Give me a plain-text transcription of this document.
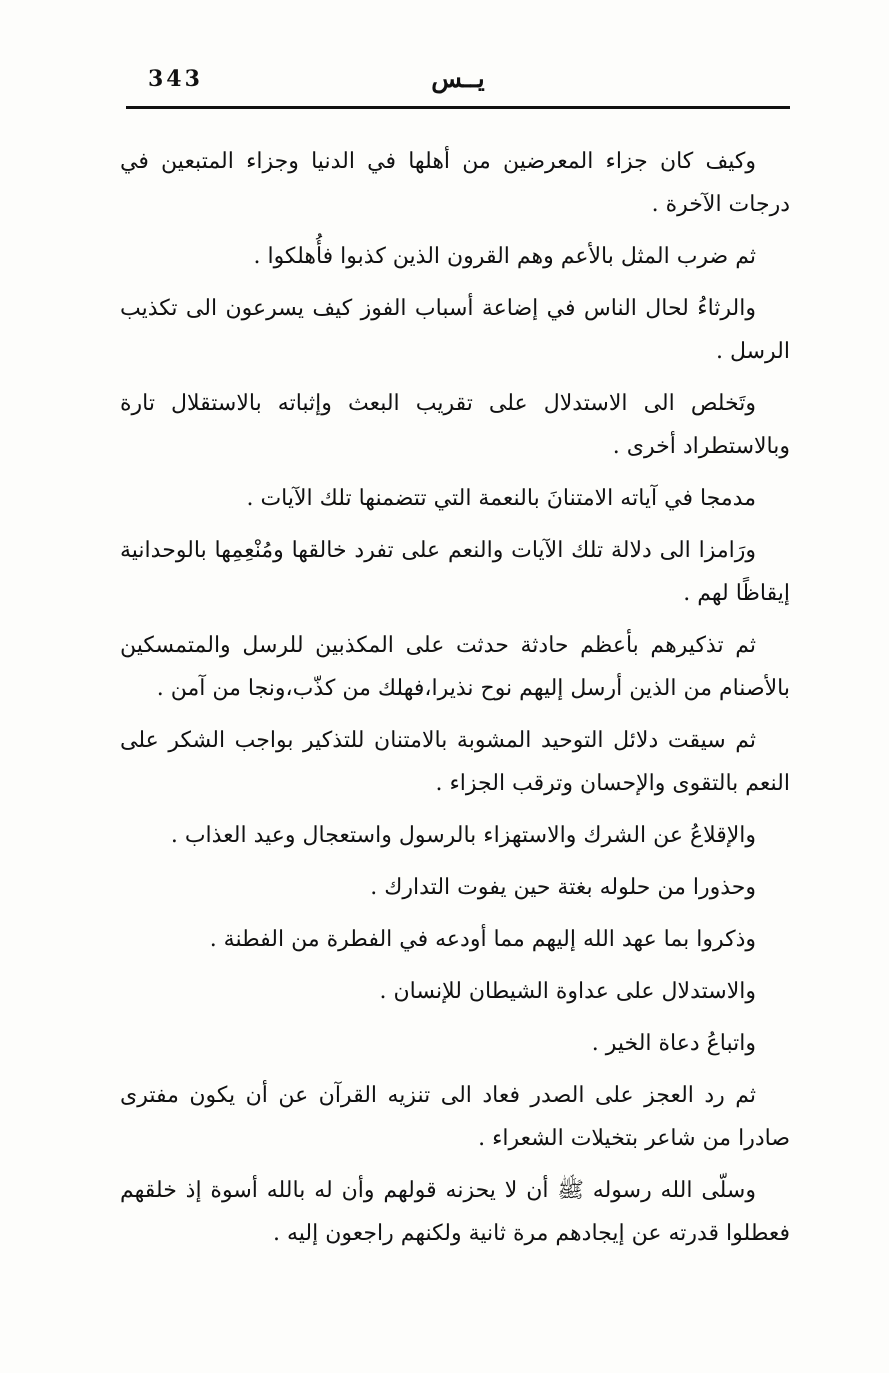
343	يــس

وكيف كان جزاء المعرضين من أهلها في الدنيا وجزاء المتبعين في درجات الآخرة .

ثم ضرب المثل بالأعم وهم القرون الذين كذبوا فأُهلكوا .

والرثاءُ لحال الناس في إضاعة أسباب الفوز كيف يسرعون الى تكذيب الرسل .

وتَخلص الى الاستدلال على تقريب البعث وإثباته بالاستقلال تارة وبالاستطراد أخرى .

مدمجا في آياته الامتنانَ بالنعمة التي تتضمنها تلك الآيات .

ورَامزا الى دلالة تلك الآيات والنعم على تفرد خالقها ومُنْعِمِها بالوحدانية إيقاظًا لهم .

ثم تذكيرهم بأعظم حادثة حدثت على المكذبين للرسل والمتمسكين بالأصنام من الذين أرسل إليهم نوح نذيرا،فهلك من كذّب،ونجا من آمن .

ثم سيقت دلائل التوحيد المشوبة بالامتنان للتذكير بواجب الشكر على النعم بالتقوى والإحسان وترقب الجزاء .

والإقلاعُ عن الشرك والاستهزاء بالرسول واستعجال وعيد العذاب .

وحذورا من حلوله بغتة حين يفوت التدارك .

وذكروا بما عهد الله إليهم مما أودعه في الفطرة من الفطنة .

والاستدلال على عداوة الشيطان للإنسان .

واتباعُ دعاة الخير .

ثم رد العجز على الصدر فعاد الى تنزيه القرآن عن أن يكون مفترى صادرا من شاعر بتخيلات الشعراء .

وسلّى الله رسوله ﷺ أن لا يحزنه قولهم وأن له بالله أسوة إذ خلقهم فعطلوا قدرته عن إيجادهم مرة ثانية ولكنهم راجعون إليه .
